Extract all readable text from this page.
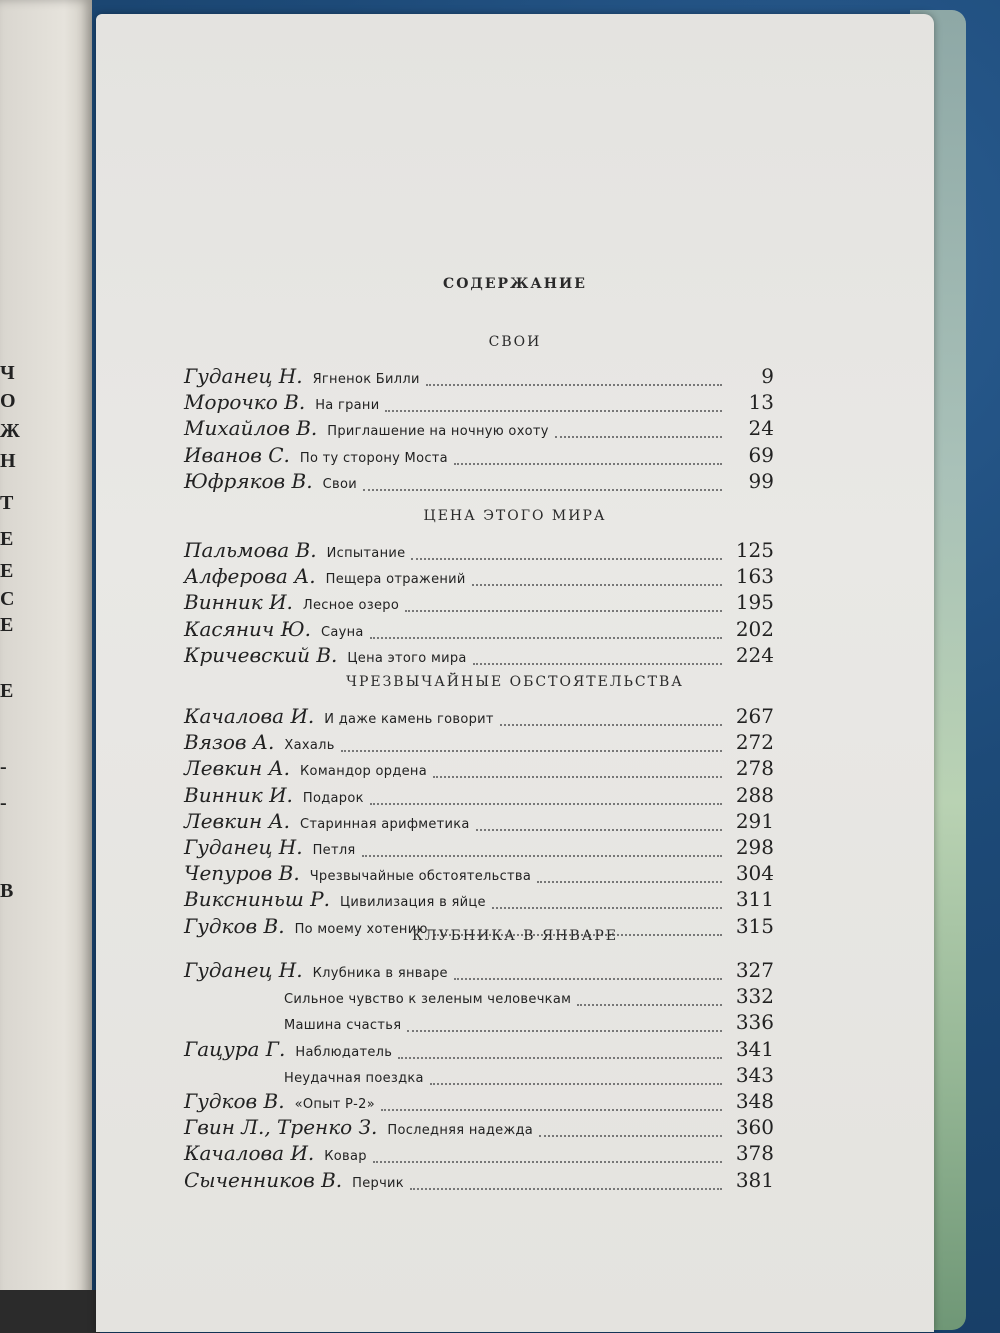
Ч
О
Ж
Н
Т
Е
Е
С
Е
Е
-
-
В
СОДЕРЖАНИЕ
СВОИ
Гуданец Н. Ягненок Билли	9
Морочко В. На грани	13
Михайлов В. Приглашение на ночную охоту	24
Иванов С. По ту сторону Моста	69
Юфряков В. Свои	99
ЦЕНА ЭТОГО МИРА
Пальмова В. Испытание	125
Алферова А. Пещера отражений	163
Винник И. Лесное озеро	195
Касянич Ю. Сауна	202
Кричевский В. Цена этого мира	224
ЧРЕЗВЫЧАЙНЫЕ ОБСТОЯТЕЛЬСТВА
Качалова И. И даже камень говорит	267
Вязов А. Хахаль	272
Левкин А. Командор ордена	278
Винник И. Подарок	288
Левкин А. Старинная арифметика	291
Гуданец Н. Петля	298
Чепуров В. Чрезвычайные обстоятельства	304
Виксниньш Р. Цивилизация в яйце	311
Гудков В. По моему хотению	315
КЛУБНИКА В ЯНВАРЕ
Гуданец Н. Клубника в январе	327
Сильное чувство к зеленым человечкам	332
Машина счастья	336
Гацура Г. Наблюдатель	341
Неудачная поездка	343
Гудков В. «Опыт Р-2»	348
Гвин Л., Тренко З. Последняя надежда	360
Качалова И. Ковар	378
Сыченников В. Перчик	381
